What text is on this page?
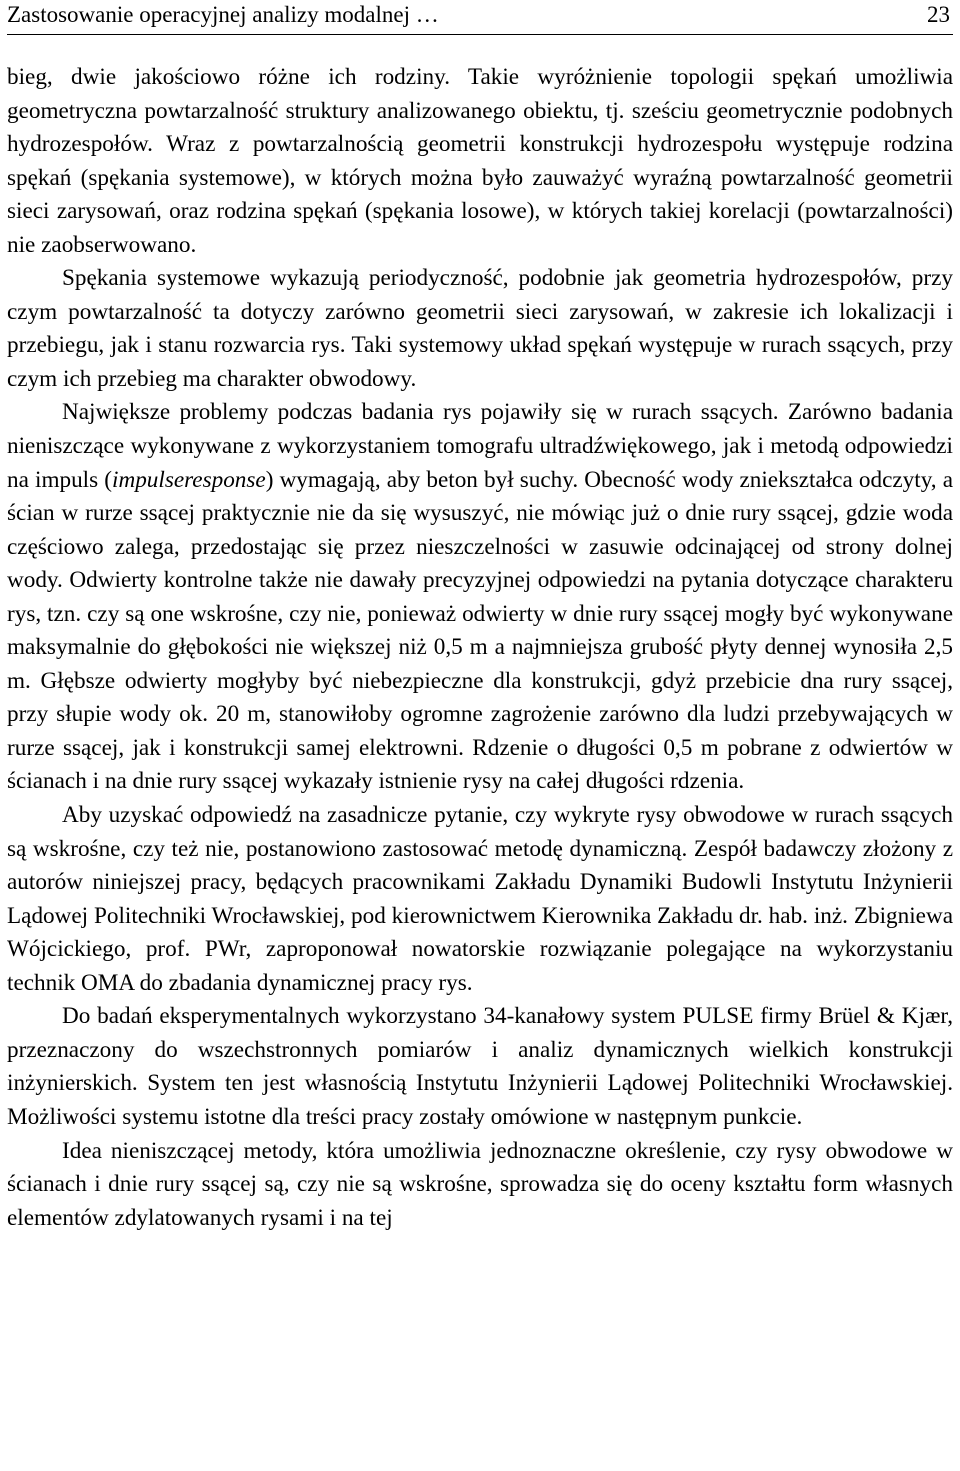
Zastosowanie operacyjnej analizy modalnej …	23

bieg, dwie jakościowo różne ich rodziny. Takie wyróżnienie topologii spękań umożliwia geometryczna powtarzalność struktury analizowanego obiektu, tj. sześciu geometrycznie podobnych hydrozespołów. Wraz z powtarzalnością geometrii konstrukcji hydrozespołu występuje rodzina spękań (spękania systemowe), w których można było zauważyć wyraźną powtarzalność geometrii sieci zarysowań, oraz rodzina spękań (spękania losowe), w których takiej korelacji (powtarzalności) nie zaobserwowano.

Spękania systemowe wykazują periodyczność, podobnie jak geometria hydrozespołów, przy czym powtarzalność ta dotyczy zarówno geometrii sieci zarysowań, w zakresie ich lokalizacji i przebiegu, jak i stanu rozwarcia rys. Taki systemowy układ spękań występuje w rurach ssących, przy czym ich przebieg ma charakter obwodowy.

Największe problemy podczas badania rys pojawiły się w rurach ssących. Zarówno badania nieniszczące wykonywane z wykorzystaniem tomografu ultradźwiękowego, jak i metodą odpowiedzi na impuls (impulseresponse) wymagają, aby beton był suchy. Obecność wody zniekształca odczyty, a ścian w rurze ssącej praktycznie nie da się wysuszyć, nie mówiąc już o dnie rury ssącej, gdzie woda częściowo zalega, przedostając się przez nieszczelności w zasuwie odcinającej od strony dolnej wody. Odwierty kontrolne także nie dawały precyzyjnej odpowiedzi na pytania dotyczące charakteru rys, tzn. czy są one wskrośne, czy nie, ponieważ odwierty w dnie rury ssącej mogły być wykonywane maksymalnie do głębokości nie większej niż 0,5 m a najmniejsza grubość płyty dennej wynosiła 2,5 m. Głębsze odwierty mogłyby być niebezpieczne dla konstrukcji, gdyż przebicie dna rury ssącej, przy słupie wody ok. 20 m, stanowiłoby ogromne zagrożenie zarówno dla ludzi przebywających w rurze ssącej, jak i konstrukcji samej elektrowni. Rdzenie o długości 0,5 m pobrane z odwiertów w ścianach i na dnie rury ssącej wykazały istnienie rysy na całej długości rdzenia.

Aby uzyskać odpowiedź na zasadnicze pytanie, czy wykryte rysy obwodowe w rurach ssących są wskrośne, czy też nie, postanowiono zastosować metodę dynamiczną. Zespół badawczy złożony z autorów niniejszej pracy, będących pracownikami Zakładu Dynamiki Budowli Instytutu Inżynierii Lądowej Politechniki Wrocławskiej, pod kierownictwem Kierownika Zakładu dr. hab. inż. Zbigniewa Wójcickiego, prof. PWr, zaproponował nowatorskie rozwiązanie polegające na wykorzystaniu technik OMA do zbadania dynamicznej pracy rys.

Do badań eksperymentalnych wykorzystano 34-kanałowy system PULSE firmy Brüel & Kjær, przeznaczony do wszechstronnych pomiarów i analiz dynamicznych wielkich konstrukcji inżynierskich. System ten jest własnością Instytutu Inżynierii Lądowej Politechniki Wrocławskiej. Możliwości systemu istotne dla treści pracy zostały omówione w następnym punkcie.

Idea nieniszczącej metody, która umożliwia jednoznaczne określenie, czy rysy obwodowe w ścianach i dnie rury ssącej są, czy nie są wskrośne, sprowadza się do oceny kształtu form własnych elementów zdylatowanych rysami i na tej
